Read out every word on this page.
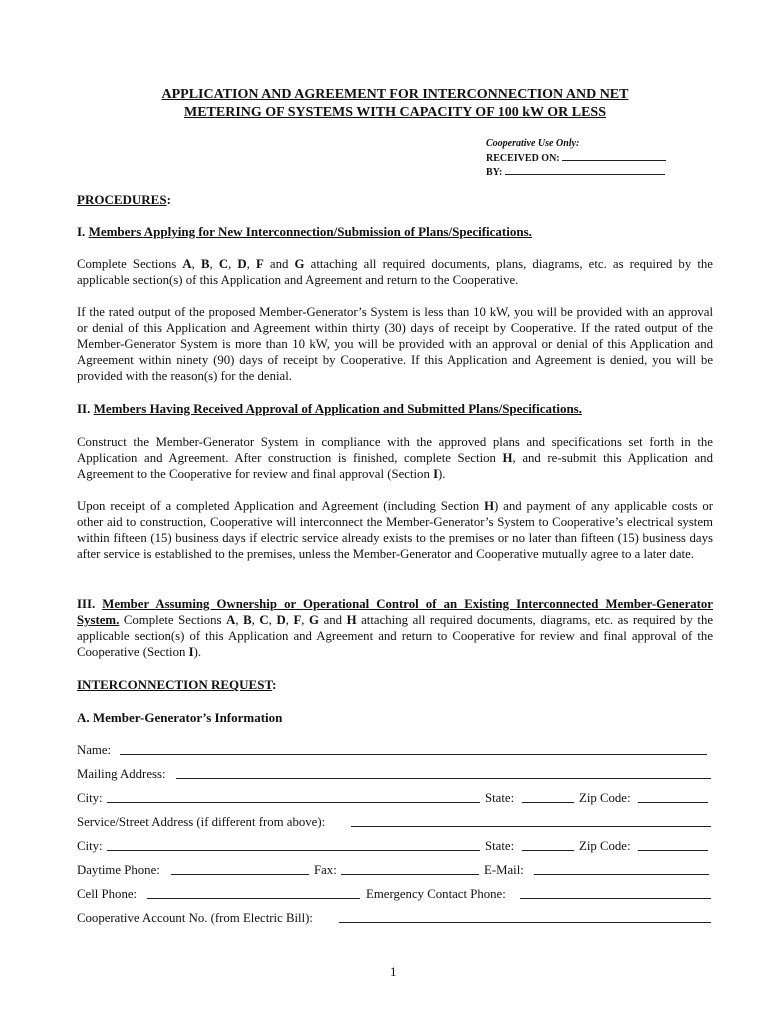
APPLICATION AND AGREEMENT FOR INTERCONNECTION AND NET
METERING OF SYSTEMS WITH CAPACITY OF 100 kW OR LESS
Cooperative Use Only:
RECEIVED ON:
BY:
PROCEDURES:
I. Members Applying for New Interconnection/Submission of Plans/Specifications.
Complete Sections A, B, C, D, F and G attaching all required documents, plans, diagrams, etc. as required by the applicable section(s) of this Application and Agreement and return to the Cooperative.
If the rated output of the proposed Member-Generator’s System is less than 10 kW, you will be provided with an approval or denial of this Application and Agreement within thirty (30) days of receipt by Cooperative. If the rated output of the Member-Generator System is more than 10 kW, you will be provided with an approval or denial of this Application and Agreement within ninety (90) days of receipt by Cooperative. If this Application and Agreement is denied, you will be provided with the reason(s) for the denial.
II. Members Having Received Approval of Application and Submitted Plans/Specifications.
Construct the Member-Generator System in compliance with the approved plans and specifications set forth in the Application and Agreement. After construction is finished, complete Section H, and re-submit this Application and Agreement to the Cooperative for review and final approval (Section I).
Upon receipt of a completed Application and Agreement (including Section H) and payment of any applicable costs or other aid to construction, Cooperative will interconnect the Member-Generator’s System to Cooperative’s electrical system within fifteen (15) business days if electric service already exists to the premises or no later than fifteen (15) business days after service is established to the premises, unless the Member-Generator and Cooperative mutually agree to a later date.
III. Member Assuming Ownership or Operational Control of an Existing Interconnected Member-Generator System. Complete Sections A, B, C, D, F, G and H attaching all required documents, diagrams, etc. as required by the applicable section(s) of this Application and Agreement and return to Cooperative for review and final approval of the Cooperative (Section I).
INTERCONNECTION REQUEST:
A. Member-Generator’s Information
Name:
Mailing Address:
City:	State:	Zip Code:
Service/Street Address (if different from above):
City:	State:	Zip Code:
Daytime Phone:	Fax:	E-Mail:
Cell Phone:	Emergency Contact Phone:
Cooperative Account No. (from Electric Bill):
1
